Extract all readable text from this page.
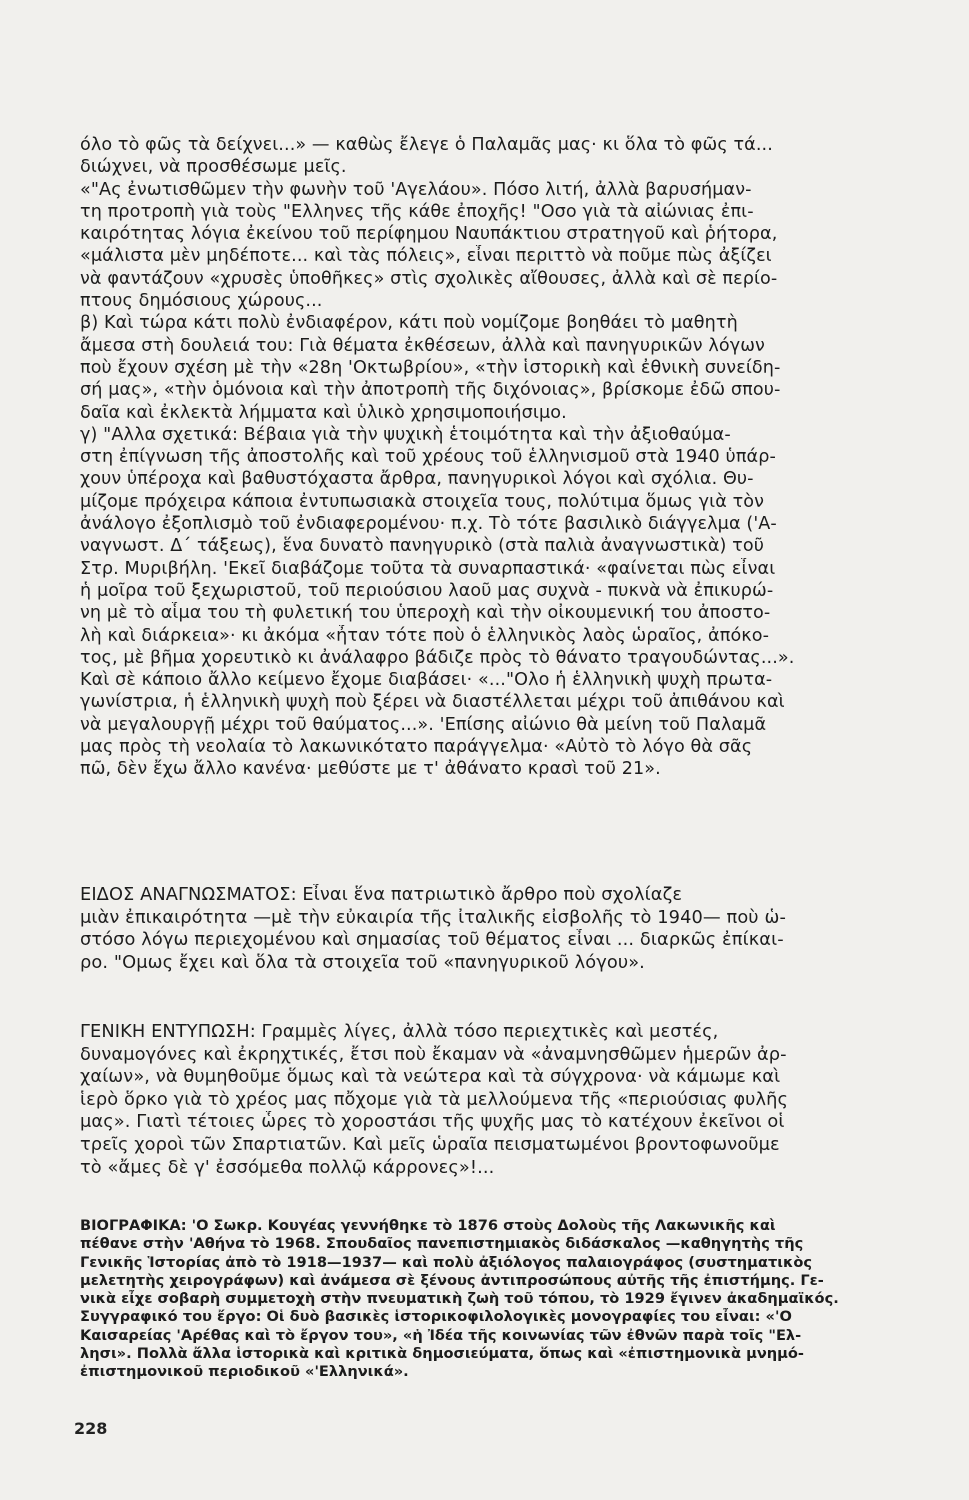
όλο τὸ φῶς τὰ δείχνει...» — καθὼς ἔλεγε ὁ Παλαμᾶς μας· κι ὅλα τὸ φῶς τά...
διώχνει, νὰ προσθέσωμε μεῖς.
«"Ας ἐνωτισθῶμεν τὴν φωνὴν τοῦ 'Αγελάου». Πόσο λιτή, ἀλλὰ βαρυσήμαν-
τη προτροπὴ γιὰ τοὺς "Ελληνες τῆς κάθε ἐποχῆς! "Οσο γιὰ τὰ αἰώνιας ἐπι-
καιρότητας λόγια ἐκείνου τοῦ περίφημου Ναυπάκτιου στρατηγοῦ καὶ ῥήτορα,
«μάλιστα μὲν μηδέποτε... καὶ τὰς πόλεις», εἶναι περιττὸ νὰ ποῦμε πὼς ἀξίζει
νὰ φαντάζουν «χρυσὲς ὑποθῆκες» στὶς σχολικὲς αἴθουσες, ἀλλὰ καὶ σὲ περίο-
πτους δημόσιους χώρους...
β) Καὶ τώρα κάτι πολὺ ἐνδιαφέρον, κάτι ποὺ νομίζομε βοηθάει τὸ μαθητὴ
ἄμεσα στὴ δουλειά του: Γιὰ θέματα ἐκθέσεων, ἀλλὰ καὶ πανηγυρικῶν λόγων
ποὺ ἔχουν σχέση μὲ τὴν «28η 'Οκτωβρίου», «τὴν ἱστορικὴ καὶ ἐθνικὴ συνείδη-
σή μας», «τὴν ὁμόνοια καὶ τὴν ἀποτροπὴ τῆς διχόνοιας», βρίσκομε ἐδῶ σπου-
δαῖα καὶ ἐκλεκτὰ λήμματα καὶ ὑλικὸ χρησιμοποιήσιμο.
γ) "Αλλα σχετικά: Βέβαια γιὰ τὴν ψυχικὴ ἑτοιμότητα καὶ τὴν ἀξιοθαύμα-
στη ἐπίγνωση τῆς ἀποστολῆς καὶ τοῦ χρέους τοῦ ἑλληνισμοῦ στὰ 1940 ὑπάρ-
χουν ὑπέροχα καὶ βαθυστόχαστα ἄρθρα, πανηγυρικοὶ λόγοι καὶ σχόλια. Θυ-
μίζομε πρόχειρα κάποια ἐντυπωσιακὰ στοιχεῖα τους, πολύτιμα ὅμως γιὰ τὸν
ἀνάλογο ἐξοπλισμὸ τοῦ ἐνδιαφερομένου· π.χ. Τὸ τότε βασιλικὸ διάγγελμα ('Α-
ναγνωστ. Δ΄ τάξεως), ἕνα δυνατὸ πανηγυρικὸ (στὰ παλιὰ ἀναγνωστικὰ) τοῦ
Στρ. Μυριβήλη. 'Εκεῖ διαβάζομε τοῦτα τὰ συναρπαστικά· «φαίνεται πὼς εἶναι
ἡ μοῖρα τοῦ ξεχωριστοῦ, τοῦ περιούσιου λαοῦ μας συχνὰ - πυκνὰ νὰ ἐπικυρώ-
νη μὲ τὸ αἷμα του τὴ φυλετική του ὑπεροχὴ καὶ τὴν οἰκουμενική του ἀποστο-
λὴ καὶ διάρκεια»· κι ἀκόμα «ἦταν τότε ποὺ ὁ ἑλληνικὸς λαὸς ὡραῖος, ἀπόκο-
τος, μὲ βῆμα χορευτικὸ κι ἀνάλαφρο βάδιζε πρὸς τὸ θάνατο τραγουδώντας...».
Καὶ σὲ κάποιο ἄλλο κείμενο ἔχομε διαβάσει· «..."Ολο ἡ ἑλληνικὴ ψυχὴ πρωτα-
γωνίστρια, ἡ ἑλληνικὴ ψυχὴ ποὺ ξέρει νὰ διαστέλλεται μέχρι τοῦ ἀπιθάνου καὶ
νὰ μεγαλουργῇ μέχρι τοῦ θαύματος...». 'Επίσης αἰώνιο θὰ μείνη τοῦ Παλαμᾶ
μας πρὸς τὴ νεολαία τὸ λακωνικότατο παράγγελμα· «Αὐτὸ τὸ λόγο θὰ σᾶς
πῶ, δὲν ἔχω ἄλλο κανένα· μεθύστε με τ' ἀθάνατο κρασὶ τοῦ 21».
ΕΙΔΟΣ ΑΝΑΓΝΩΣΜΑΤΟΣ: Εἶναι ἕνα πατριωτικὸ ἄρθρο ποὺ σχολίαζε
μιὰν ἐπικαιρότητα —μὲ τὴν εὐκαιρία τῆς ἰταλικῆς εἰσβολῆς τὸ 1940— ποὺ ὡ-
στόσο λόγω περιεχομένου καὶ σημασίας τοῦ θέματος εἶναι ... διαρκῶς ἐπίκαι-
ρο. "Ομως ἔχει καὶ ὅλα τὰ στοιχεῖα τοῦ «πανηγυρικοῦ λόγου».
ΓΕΝΙΚΗ ΕΝΤΥΠΩΣΗ: Γραμμὲς λίγες, ἀλλὰ τόσο περιεχτικὲς καὶ μεστές,
δυναμογόνες καὶ ἐκρηχτικές, ἔτσι ποὺ ἔκαμαν νὰ «ἀναμνησθῶμεν ἡμερῶν ἀρ-
χαίων», νὰ θυμηθοῦμε ὅμως καὶ τὰ νεώτερα καὶ τὰ σύγχρονα· νὰ κάμωμε καὶ
ἱερὸ ὅρκο γιὰ τὸ χρέος μας πὄχομε γιὰ τὰ μελλούμενα τῆς «περιούσιας φυλῆς
μας». Γιατὶ τέτοιες ὧρες τὸ χοροστάσι τῆς ψυχῆς μας τὸ κατέχουν ἐκεῖνοι οἱ
τρεῖς χοροὶ τῶν Σπαρτιατῶν. Καὶ μεῖς ὡραῖα πεισματωμένοι βροντοφωνοῦμε
τὸ «ἄμες δὲ γ' ἐσσόμεθα πολλῷ κάρρονες»!...
ΒΙΟΓΡΑΦΙΚΑ: 'Ο Σωκρ. Κουγέας γεννήθηκε τὸ 1876 στοὺς Δολοὺς τῆς Λακωνικῆς καὶ
πέθανε στὴν 'Αθήνα τὸ 1968. Σπουδαῖος πανεπιστημιακὸς διδάσκαλος —καθηγητὴς τῆς
Γενικῆς Ἱστορίας ἀπὸ τὸ 1918—1937— καὶ πολὺ ἀξιόλογος παλαιογράφος (συστηματικὸς
μελετητὴς χειρογράφων) καὶ ἀνάμεσα σὲ ξένους ἀντιπροσώπους αὐτῆς τῆς ἐπιστήμης. Γε-
νικὰ εἶχε σοβαρὴ συμμετοχὴ στὴν πνευματικὴ ζωὴ τοῦ τόπου, τὸ 1929 ἔγινεν ἀκαδημαϊκός.
Συγγραφικό του ἔργο: Οἱ δυὸ βασικὲς ἱστορικοφιλολογικὲς μονογραφίες του εἶναι: «'Ο
Καισαρείας 'Αρέθας καὶ τὸ ἔργον του», «ἡ Ἰδέα τῆς κοινωνίας τῶν ἐθνῶν παρὰ τοῖς "Ελ-
λησι». Πολλὰ ἄλλα ἱστορικὰ καὶ κριτικὰ δημοσιεύματα, ὅπως καὶ «ἐπιστημονικὰ μνημό-
ἐπιστημονικοῦ περιοδικοῦ «'Ελληνικά».
228
